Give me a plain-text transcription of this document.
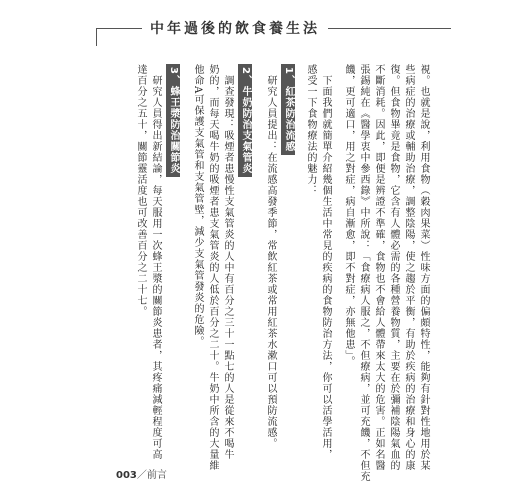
中年過後的飲食養生法
視。也就是說，利用食物（穀肉果菜）性味方面的偏頗特性，能夠有針對性地用於某
些病症的治療或輔助治療，調整陰陽，使之趨於平衡，有助於疾病的治療和身心的康
復。但食物畢竟是食物，它含有人體必需的各種營養物質，主要在於彌補陰陽氣血的
不斷消耗。因此，即便是辨證不準確，食物也不會給人體帶來太大的危害。正如名醫
張錫純在《醫學衷中參西錄》中所說：「食療病人服之，不但療病，並可充饑，不但充
饑，更可適口，用之對症，病自漸愈，即不對症，亦無他患」。
下面我們就簡單介紹幾個生活中常見的疾病的食物防治方法，你可以活學活用，
感受一下食物療法的魅力：
1、紅茶防治流感
研究人員提出：在流感高發季節，常飲紅茶或常用紅茶水漱口可以預防流感。
2、牛奶防治支氣管炎
調查發現：吸煙者患慢性支氣管炎的人中有百分之三十一點七的人是從來不喝牛
奶的，而每天喝牛奶的吸煙者患支氣管炎的人低於百分之二十。牛奶中所含的大量維
他命A可保護支氣管和支氣管壁，減少支氣管發炎的危險。
3、蜂王漿防治關節炎
研究人員得出新結論，每天服用一次蜂王漿的關節炎患者，其疼痛減輕程度可高
達百分之五十，關節靈活度也可改善百分之二十七。
003／前言
